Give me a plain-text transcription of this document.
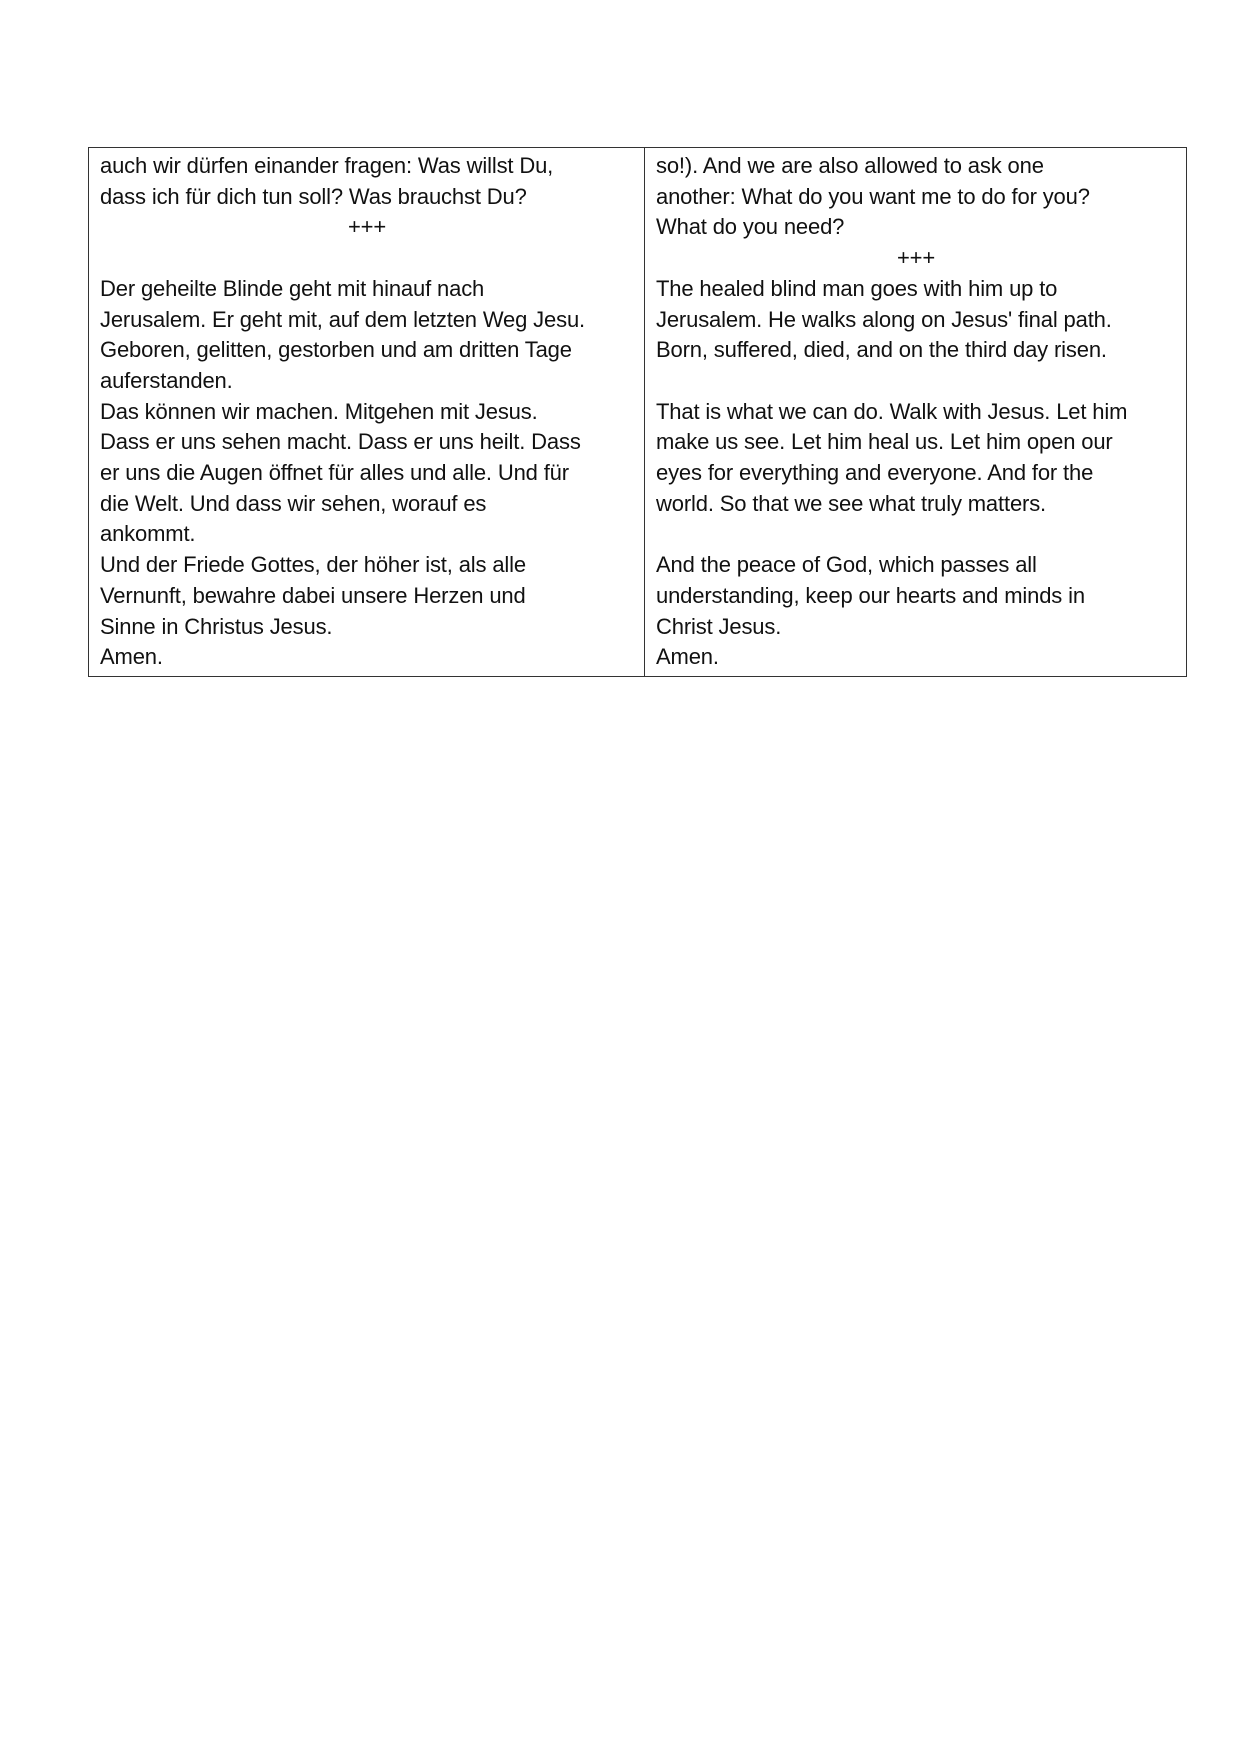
auch wir dürfen einander fragen: Was willst Du,
dass ich für dich tun soll? Was brauchst Du?
+++
Der geheilte Blinde geht mit hinauf nach
Jerusalem. Er geht mit, auf dem letzten Weg Jesu.
Geboren, gelitten, gestorben und am dritten Tage
auferstanden.
Das können wir machen. Mitgehen mit Jesus.
Dass er uns sehen macht. Dass er uns heilt. Dass
er uns die Augen öffnet für alles und alle. Und für
die Welt. Und dass wir sehen, worauf es
ankommt.
Und der Friede Gottes, der höher ist, als alle
Vernunft, bewahre dabei unsere Herzen und
Sinne in Christus Jesus.
Amen.

so!). And we are also allowed to ask one
another: What do you want me to do for you?
What do you need?
+++
The healed blind man goes with him up to
Jerusalem. He walks along on Jesus' final path.
Born, suffered, died, and on the third day risen.
That is what we can do. Walk with Jesus. Let him
make us see. Let him heal us. Let him open our
eyes for everything and everyone. And for the
world. So that we see what truly matters.
And the peace of God, which passes all
understanding, keep our hearts and minds in
Christ Jesus.
Amen.
